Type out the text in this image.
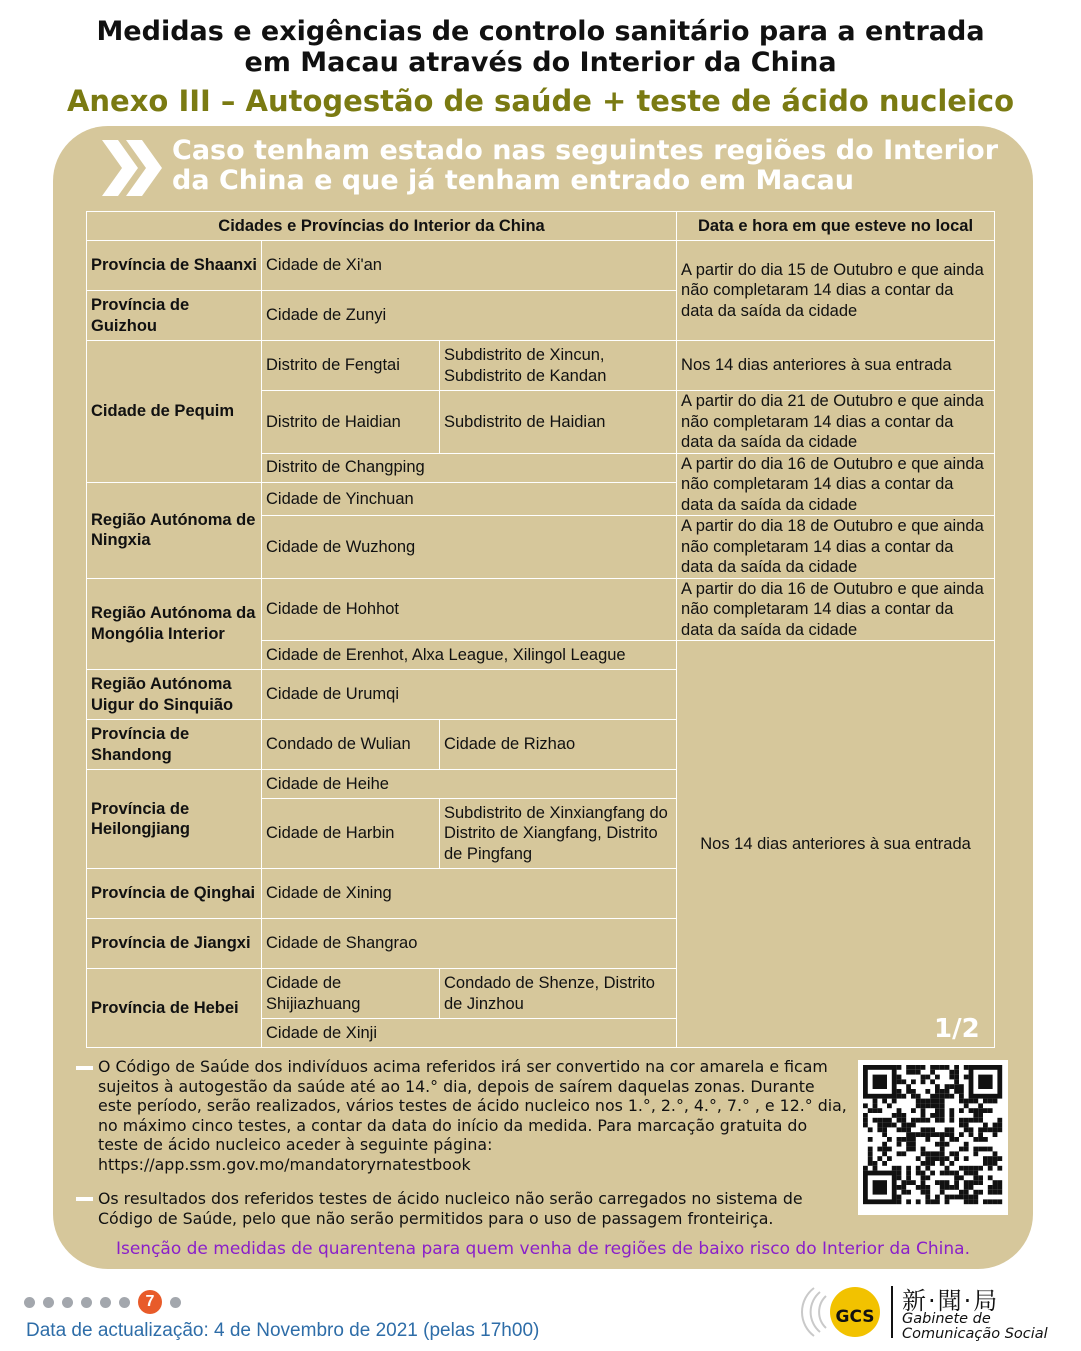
Medidas e exigências de controlo sanitário para a entrada
em Macau através do Interior da China
Anexo III – Autogestão de saúde + teste de ácido nucleico
Caso tenham estado nas seguintes regiões do Interior
da China e que já tenham entrado em Macau
Cidades e Províncias do Interior da China			Data e hora em que esteve no local
Província de Shaanxi	Cidade de Xi'an		A partir do dia 15 de Outubro e que ainda não completaram 14 dias a contar da data da saída da cidade
Província de Guizhou	Cidade de Zunyi		
Cidade de Pequim	Distrito de Fengtai	Subdistrito de Xincun, Subdistrito de Kandan	Nos 14 dias anteriores à sua entrada
	Distrito de Haidian	Subdistrito de Haidian	A partir do dia 21 de Outubro e que ainda não completaram 14 dias a contar da data da saída da cidade
	Distrito de Changping		A partir do dia 16 de Outubro e que ainda não completaram 14 dias a contar da data da saída da cidade
Região Autónoma de Ningxia	Cidade de Yinchuan		
	Cidade de Wuzhong		A partir do dia 18 de Outubro e que ainda não completaram 14 dias a contar da data da saída da cidade
Região Autónoma da Mongólia Interior	Cidade de Hohhot		A partir do dia 16 de Outubro e que ainda não completaram 14 dias a contar da data da saída da cidade
	Cidade de Erenhot, Alxa League, Xilingol League		Nos 14 dias anteriores à sua entrada
Região Autónoma Uigur do Sinquião	Cidade de Urumqi		
Província de Shandong	Condado de Wulian	Cidade de Rizhao	
Província de Heilongjiang	Cidade de Heihe		
	Cidade de Harbin	Subdistrito de Xinxiangfang do Distrito de Xiangfang, Distrito de Pingfang	
Província de Qinghai	Cidade de Xining		
Província de Jiangxi	Cidade de Shangrao		
Província de Hebei	Cidade de Shijiazhuang	Condado de Shenze, Distrito de Jinzhou	
	Cidade de Xinji			1/2
O Código de Saúde dos indivíduos acima referidos irá ser convertido na cor amarela e ficam sujeitos à autogestão da saúde até ao 14.° dia, depois de saírem daquelas zonas. Durante este período, serão realizados, vários testes de ácido nucleico nos 1.°, 2.°, 4.°, 7.° , e 12.° dia, no máximo cinco testes, a contar da data do início da medida. Para marcação gratuita do teste de ácido nucleico aceder à seguinte página:
https://app.ssm.gov.mo/mandatoryrnatestbook
Os resultados dos referidos testes de ácido nucleico não serão carregados no sistema de Código de Saúde, pelo que não serão permitidos para o uso de passagem fronteiriça.
Isenção de medidas de quarentena para quem venha de regiões de baixo risco do Interior da China.
7
Data de actualização: 4 de Novembro de 2021 (pelas 17h00)
GCS
新·聞·局
Gabinete de
Comunicação Social
